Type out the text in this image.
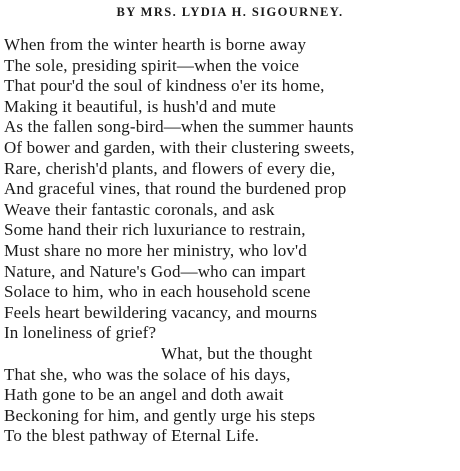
BY MRS. LYDIA H. SIGOURNEY.
When from the winter hearth is borne away
The sole, presiding spirit—when the voice
That pour'd the soul of kindness o'er its home,
Making it beautiful, is hush'd and mute
As the fallen song-bird—when the summer haunts
Of bower and garden, with their clustering sweets,
Rare, cherish'd plants, and flowers of every die,
And graceful vines, that round the burdened prop
Weave their fantastic coronals, and ask
Some hand their rich luxuriance to restrain,
Must share no more her ministry, who lov'd
Nature, and Nature's God—who can impart
Solace to him, who in each household scene
Feels heart bewildering vacancy, and mourns
In loneliness of grief?
What, but the thought
That she, who was the solace of his days,
Hath gone to be an angel and doth await
Beckoning for him, and gently urge his steps
To the blest pathway of Eternal Life.
